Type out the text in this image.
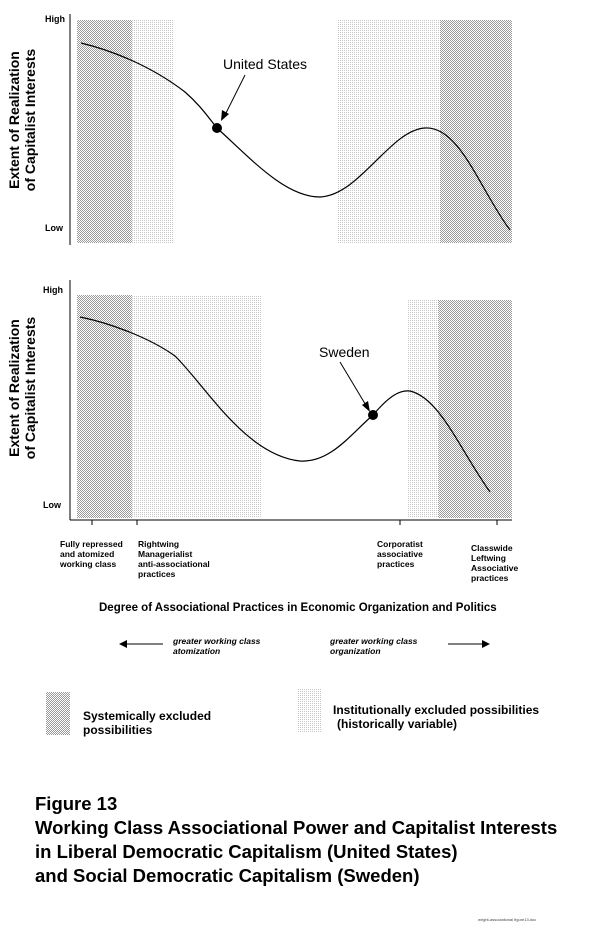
Extent of Realization of Capitalist Interests
High
Low
United States
Extent of Realization of Capitalist Interests
High
Low
Sweden
Fully repressed
and atomized
working class
Rightwing
Managerialist
anti-associational
practices
Corporatist
associative
practices
Classwide
Leftwing
Associative
practices
Degree of Associational Practices in Economic Organization and Politics
greater working class
atomization
greater working class
organization
Systemically excluded
possibilities
Institutionally excluded possibilities
(historically variable)
Figure 13
Working Class Associational Power and Capitalist Interests
in Liberal Democratic Capitalism (United States)
and Social Democratic Capitalism (Sweden)
wright-associational figure13.doc
